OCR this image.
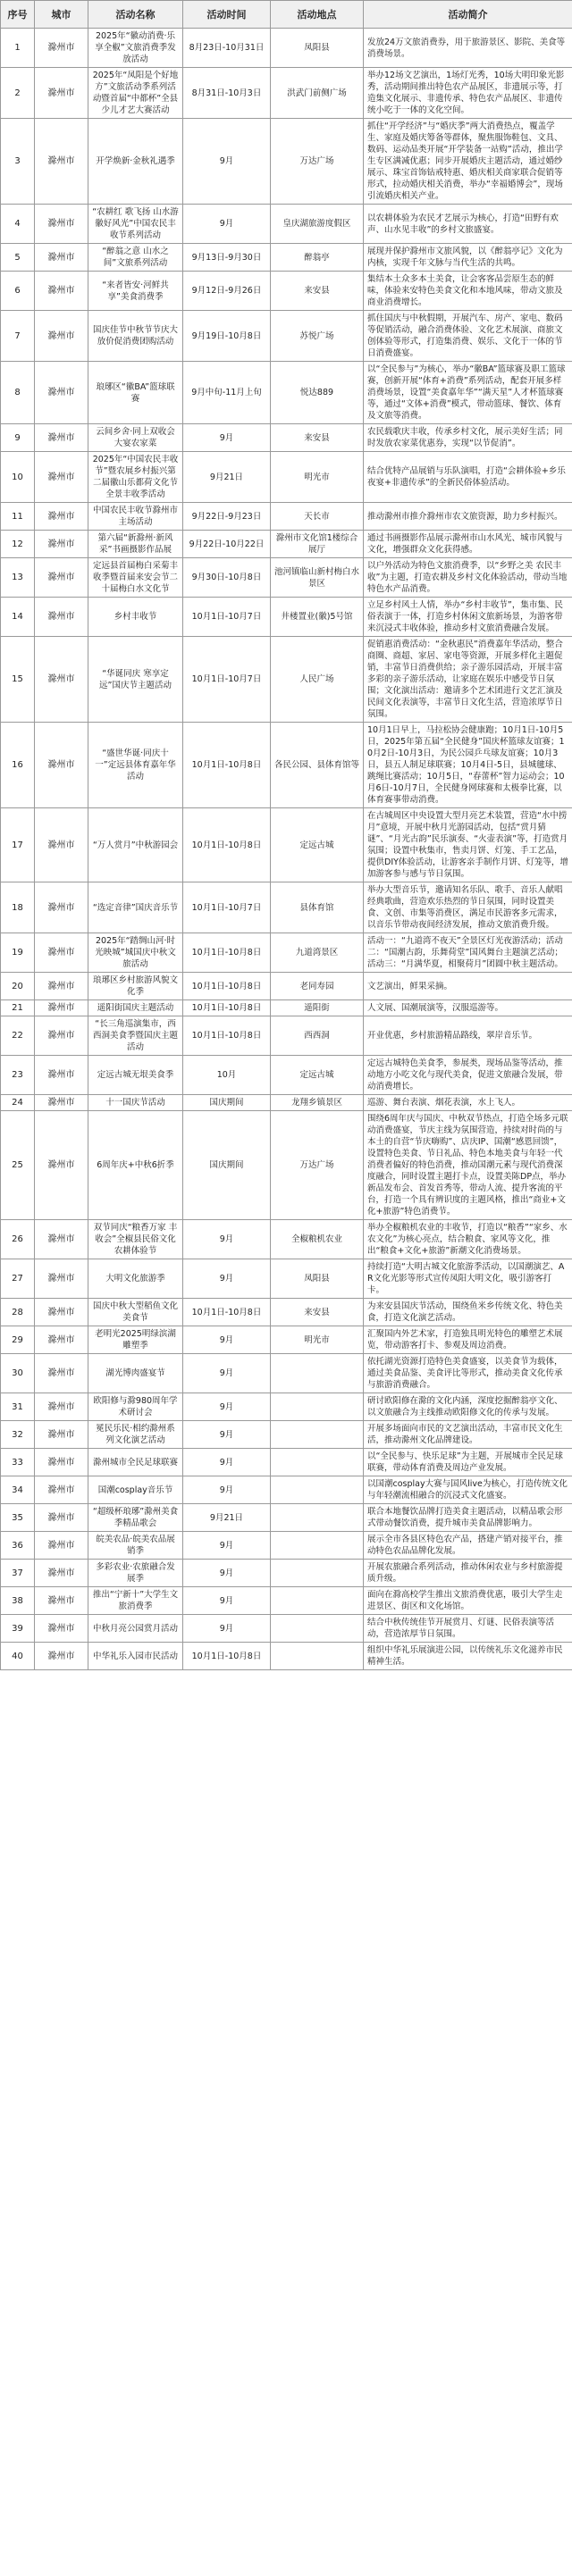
序号	城市	活动名称	活动时间	活动地点	活动简介
1	滁州市	2025年“徽动消费·乐享全椒”文旅消费季发放活动	8月23日-10月31日	凤阳县	发放24万文旅消费券，用于旅游景区、影院、美食等消费场景。
2	滁州市	2025年“凤阳是个好地方”文旅活动季系列活动暨首届“中都杯”全县少儿才艺大赛活动	8月31日-10月3日	洪武门前侧广场	举办12场文艺演出，1场灯光秀，10场大明印象光影秀，活动期间推出特色农产品展区，非遗展示等，打造集文化展示、非遗传承、特色农产品展区、非遗传统小吃于一体的文化空间。
3	滁州市	开学焕新·金秋礼遇季	9月	万达广场	抓住“开学经济”与“婚庆季”两大消费热点，覆盖学生、家庭及婚庆筹备等群体，聚焦服饰鞋包、文具、数码、运动品类开展“开学装备一站购”活动，推出学生专区满减优惠；同步开展婚庆主题活动，通过婚纱展示、珠宝首饰钻戒特惠、婚庆相关商家联合促销等形式，拉动婚庆相关消费，举办“幸福婚博会”，现场引流婚庆相关产业。
4	滁州市	“农耕红 歌飞扬 山水游徽好风光”中国农民丰收节系列活动	9月	皇庆湖旅游度假区	以农耕体验为农民才艺展示为核心，打造“田野有欢声、山水见丰收”的乡村文旅盛宴。
5	滁州市	“醉翁之意 山水之间”文旅系列活动	9月13日-9月30日	醉翁亭	展现并保护滁州市文旅风貌，以《醉翁亭记》文化为内核，实现千年文脉与当代生活的共鸣。
6	滁州市	“来者皆安·河鲜共享”美食消费季	9月12日-9月26日	来安县	集结本土众多本土美食，让会客客品尝原生态的鲜味，体验来安特色美食文化和本地风味，带动文旅及商业消费增长。
7	滁州市	国庆佳节中秋节节庆大放价促消费团购活动	9月19日-10月8日	苏悦广场	抓住国庆与中秋假期，开展汽车、房产、家电、数码等促销活动，融合消费体验、文化艺术展演、商旅文创体验等形式，打造集消费、娱乐、文化于一体的节日消费盛宴。
8	滁州市	琅琊区“徽BA”篮球联赛	9月中旬-11月上旬	悦达889	以“全民参与”为核心，举办“徽BA”篮球赛及职工篮球赛，创新开展“体育+消费”系列活动，配套开展多样消费场景，设置“美食嘉年华”“满天星”人才杯篮球赛等，通过“文体+消费”模式，带动篮球、餐饮、体育及文旅等消费。
9	滁州市	云间乡舍·同上双收会大宴农家菜	9月	来安县	农民载歌庆丰收，传承乡村文化，展示美好生活；同时发放农家菜优惠券，实现“以节促消”。
10	滁州市	2025年“中国农民丰收节”暨农展乡村振兴第二届徽山乐都荷文化节全景丰收季活动	9月21日	明光市	结合优特产品展销与乐队演唱，打造“会耕体验+乡乐夜宴+非遗传承”的全新民俗体验活动。
11	滁州市	中国农民丰收节滁州市主场活动	9月22日-9月23日	天长市	推动滁州市推介滁州市农文旅资源，助力乡村振兴。
12	滁州市	第六届“新滁州·新风采”书画摄影作品展	9月22日-10月22日	滁州市文化馆1楼综合展厅	通过书画摄影作品展示滁州市山水风光、城市风貌与文化，增强群众文化获得感。
13	滁州市	定远县首届梅白采菊丰收季暨首届来安会节二十届梅白水文化节	9月30日-10月8日	池河镇临山新村梅白水景区	以户外活动为特色文旅消费季，以“乡野之美 农民丰收”为主题，打造农耕及乡村文化体验活动，带动当地特色水产品消费。
14	滁州市	乡村丰收节	10月1日-10月7日	井楼置业(徽)5号馆	立足乡村风土人情，举办“乡村丰收节”，集市集、民俗表演于一体，打造乡村休闲文旅新场景，为游客带来沉浸式丰收体验，推动乡村文旅消费融合发展。
15	滁州市	“华诞同庆 寒享定远”国庆节主题活动	10月1日-10月7日	人民广场	促销惠消费活动：“金秋惠民”消费嘉年华活动，整合商圈、商超、家居、家电等资源，开展多样化主题促销，丰富节日消费供给；亲子游乐园活动，开展丰富多彩的亲子游乐活动，让家庭在娱乐中感受节日氛围；文化演出活动：邀请多个艺术团进行文艺汇演及民间文化表演等，丰富节日文化生活，营造浓厚节日氛围。
16	滁州市	“盛世华诞·同庆十一”定远县体育嘉年华活动	10月1日-10月8日	各民公园、县体育馆等	10月1日早上，马拉松协会健康跑；10月1日-10月5日，2025年第五届“全民健身”国庆杯篮球友谊赛；10月2日-10月3日，为民公园乒乓球友谊赛；10月3日，县五人制足球联赛；10月4日-5日，县城毽球、跳绳比赛活动；10月5日，“春蕾杯”智力运动会；10月6日-10月7日，全民健身网球赛和太极拳比赛，以体育赛事带动消费。
17	滁州市	“万人赏月”中秋游园会	10月1日-10月8日	定远古城	在古城周区中央设置大型月亮艺术装置，营造“水中捞月”意境，开展中秋月光游园活动，包括“赏月猜谜”、“月光古韵”民乐演奏、“火壶表演”等，打造赏月氛围；设置中秋集市，售卖月饼、灯笼、手工艺品，提供DIY体验活动，让游客亲手制作月饼、灯笼等，增加游客参与感与节日氛围。
18	滁州市	“选定音律”国庆音乐节	10月1日-10月7日	县体育馆	举办大型音乐节，邀请知名乐队、歌手、音乐人献唱经典歌曲，营造欢乐热烈的节日氛围，同时设置美食、文创、市集等消费区，满足市民游客多元需求，以音乐节带动夜间经济发展，推动文旅消费升级。
19	滁州市	2025年“踏绸山河·时光映城”城国庆中秋文旅活动	10月1日-10月8日	九道湾景区	活动一：“九道湾不夜天”全景区灯光夜游活动；活动二：“国潮古韵，乐舞荷堂”国风舞台主题演艺活动；活动三：“月满华夏，相聚荷月”团圆中秋主题活动。
20	滁州市	琅琊区乡村旅游风貌文化季	10月1日-10月8日	老同寿园	文艺演出，鲜果采摘。
21	滁州市	遥阳街国庆主题活动	10月1日-10月8日	遥阳街	人文展、国潮展演等，汉服巡游等。
22	滁州市	“长三角巡演集市，西西洞美食季暨国庆主题活动	10月1日-10月8日	西西洞	开业优惠，乡村旅游精品路线，翠岸音乐节。
23	滁州市	定远古城无垠美食季	10月	定远古城	定远古城特色美食季，参展类，现场品鉴等活动，推动地方小吃文化与现代美食，促进文旅融合发展，带动消费增长。
24	滁州市	十一国庆节活动	国庆期间	龙翔乡镇景区	巡游、舞台表演、烟花表演，水上飞人。
25	滁州市	6周年庆+中秋6折季	国庆期间	万达广场	围绕6周年庆与国庆、中秋双节热点，打造全场多元联动消费盛宴，节庆主线为氛围营造，持续对时尚的与本土的自营“节庆嗨购”、店庆IP、国潮“感恩回馈”，设置特色美食、节日礼品、特色本地美食与年轻一代消费者偏好的特色消费，推动国潮元素与现代消费深度融合，同时设置主题打卡点，设置美陈DP点，举办新品发布会、首发首秀等，带动人流、提升客流的平台，打造一个具有辨识度的主题风格，推出“商业+文化+旅游”特色消费节。
26	滁州市	双节同庆“粮香万家 丰收会”全椒县民俗文化农耕体验节	9月	全椒粮机农业	举办全椒粮机农业的丰收节，打造以“粮香”“家乡、水农文化”为核心亮点，结合粮食、家风等文化，推出“粮食+文化+旅游”新潮文化消费场景。
27	滁州市	大明文化旅游季	9月	凤阳县	持续打造“大明古城文化旅游季活动，以国潮演艺、AR文化光影等形式宣传凤阳大明文化，吸引游客打卡。
28	滁州市	国庆中秋大型稻鱼文化美食节	10月1日-10月8日	来安县	为来安县国庆节活动，围绕鱼米乡传统文化、特色美食，打造文化演艺活动。
29	滁州市	老明光2025明绿滨湖雕塑季	9月	明光市	汇聚国内外艺术家，打造独具明光特色的雕塑艺术展览，带动游客打卡、参观及周边消费。
30	滁州市	湖光博肉盛宴节	9月		依托湖光资源打造特色美食盛宴，以美食节为载体，通过美食品鉴、美食评比等形式，推动美食文化传承与旅游消费融合。
31	滁州市	欧阳修与滁980周年学术研讨会	9月		研讨欧阳修在滁的文化内涵，深度挖掘醉翁亭文化、以文旅融合为主线推动欧阳修文化的传承与发展。
32	滁州市	冕民乐民·相约滁州系列文化演艺活动	9月		开展多场面向市民的文艺演出活动，丰富市民文化生活，推动滁州文化品牌建设。
33	滁州市	滁州城市全民足球联赛	9月		以“全民参与、快乐足球”为主题，开展城市全民足球联赛，带动体育消费及周边产业发展。
34	滁州市	国潮cosplay音乐节	9月		以国潮cosplay大赛与国风live为核心，打造传统文化与年轻潮流相融合的沉浸式文化盛宴。
35	滁州市	“超级杯琅琊”滁州美食季精品歌会	9月21日		联合本地餐饮品牌打造美食主题活动，以精品歌会形式带动餐饮消费，提升城市美食品牌影响力。
36	滁州市	皖美农品·皖美农品展销季	9月		展示全市各县区特色农产品，搭建产销对接平台，推动特色农品品牌化发展。
37	滁州市	多彩农业·农旅融合发展季	9月		开展农旅融合系列活动，推动休闲农业与乡村旅游提质升级。
38	滁州市	推出“宁新十”大学生文旅消费季	9月		面向在滁高校学生推出文旅消费优惠，吸引大学生走进景区、街区和文化场馆。
39	滁州市	中秋月亮公园赏月活动	9月		结合中秋传统佳节开展赏月、灯谜、民俗表演等活动，营造浓厚节日氛围。
40	滁州市	中华礼乐入园市民活动	10月1日-10月8日		组织中华礼乐展演进公园，以传统礼乐文化滋养市民精神生活。
